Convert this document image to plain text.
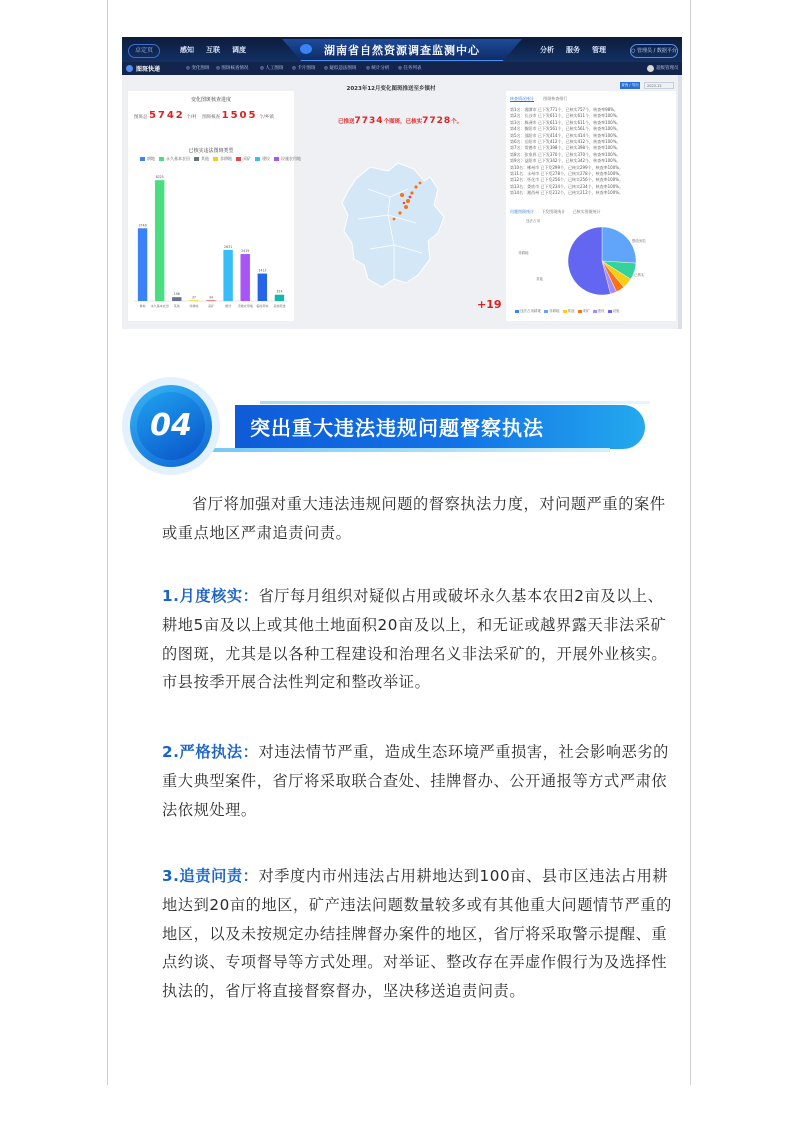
卓定页	感知 互联 调度	湖南省自然资源调查监测中心	分析 服务 管理	○ 管理员 / 数据平台
图斑快递	◎ 变化图斑 ◎ 图斑核查情况	◎ 人工图斑 ◎ 卡片图斑 ◎ 疑似违法图斑 ◎ 统计分析 ◎ 任务列表	超级管理员
变化图斑核查进度
图斑总 5742 个/村 图斑核查 1505 个/乡镇
已核实违法图斑类型
耕地	永久基本农田	其他	非耕地	采矿	建设	设施农用地
3746
耕地
6225
永久基本农田
196
其他
37
非耕地
34
采矿
2631
建设
2419
设施农用地
1413
临时用地
324
其他用途
2023年12月变化图斑推送至乡镇村
已推送7734个图斑，已核实7728个。
+19
查询 / 导出	2023-12
核查情况统计 图斑核查排行
第1名：湘潭市 已下发771个，已核实757个，核查率98%。
第2名：长沙市 已下发611个，已核实611个，核查率100%。
第3名：株洲市 已下发611个，已核实611个，核查率100%。
第4名：衡阳市 已下发561个，已核实561个，核查率100%。
第5名：邵阳市 已下发414个，已核实414个，核查率100%。
第6名：岳阳市 已下发412个，已核实412个，核查率100%。
第7名：常德市 已下发398个，已核实398个，核查率100%。
第8名：张家界 已下发370个，已核实370个，核查率100%。
第9名：益阳市 已下发342个，已核实342个，核查率100%。
第10名：郴州市 已下发299个，已核实299个，核查率100%。
第11名：永州市 已下发278个，已核实278个，核查率100%。
第12名：怀化市 已下发256个，已核实256个，核查率100%。
第13名：娄底市 已下发234个，已核实234个，核查率100%。
第14名：湘西州 已下发212个，已核实212个，核查率100%。
问题图斑统计 下发图斑统计 已核实图斑统计
违法占用
非耕地
其他
已核实
整改到位
违法占用耕地 非耕地 其他 采矿 建设 设施
04	突出重大违法违规问题督察执法
省厅将加强对重大违法违规问题的督察执法力度，对问题严重的案件或重点地区严肃追责问责。
1.月度核实：省厅每月组织对疑似占用或破坏永久基本农田2亩及以上、耕地5亩及以上或其他土地面积20亩及以上，和无证或越界露天非法采矿的图斑，尤其是以各种工程建设和治理名义非法采矿的，开展外业核实。市县按季开展合法性判定和整改举证。
2.严格执法：对违法情节严重，造成生态环境严重损害，社会影响恶劣的重大典型案件，省厅将采取联合查处、挂牌督办、公开通报等方式严肃依法依规处理。
3.追责问责：对季度内市州违法占用耕地达到100亩、县市区违法占用耕地达到20亩的地区，矿产违法问题数量较多或有其他重大问题情节严重的地区，以及未按规定办结挂牌督办案件的地区，省厅将采取警示提醒、重点约谈、专项督导等方式处理。对举证、整改存在弄虚作假行为及选择性执法的，省厅将直接督察督办，坚决移送追责问责。
